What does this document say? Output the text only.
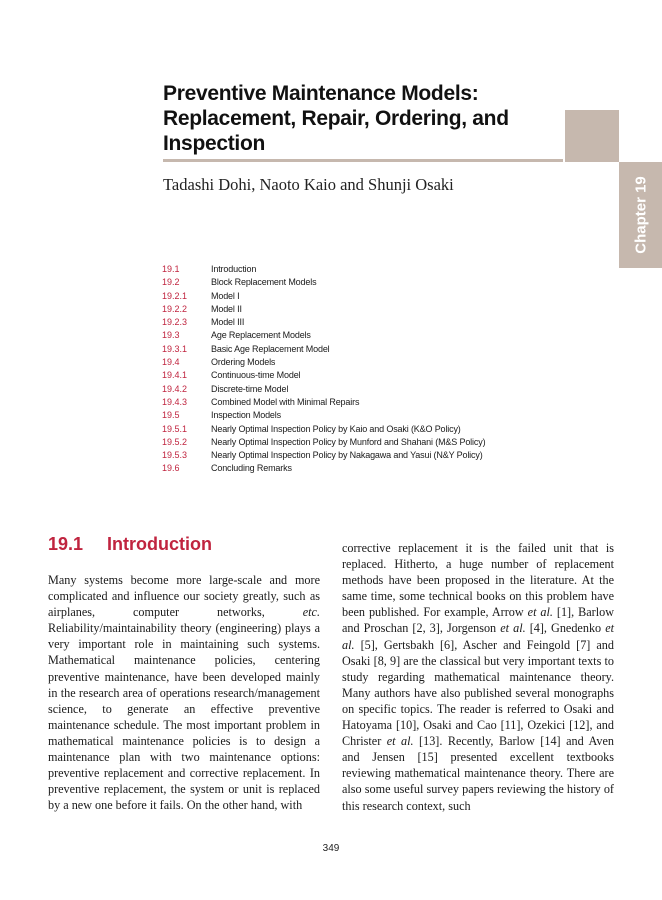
Preventive Maintenance Models:
Replacement, Repair, Ordering, and
Inspection
Chapter 19
Tadashi Dohi, Naoto Kaio and Shunji Osaki
19.1	Introduction
19.2	Block Replacement Models
19.2.1	Model I
19.2.2	Model II
19.2.3	Model III
19.3	Age Replacement Models
19.3.1	Basic Age Replacement Model
19.4	Ordering Models
19.4.1	Continuous-time Model
19.4.2	Discrete-time Model
19.4.3	Combined Model with Minimal Repairs
19.5	Inspection Models
19.5.1	Nearly Optimal Inspection Policy by Kaio and Osaki (K&O Policy)
19.5.2	Nearly Optimal Inspection Policy by Munford and Shahani (M&S Policy)
19.5.3	Nearly Optimal Inspection Policy by Nakagawa and Yasui (N&Y Policy)
19.6	Concluding Remarks
19.1 Introduction

Many systems become more large-scale and more complicated and influence our society greatly, such as airplanes, computer networks, etc. Reliability/maintainability theory (engineering) plays a very important role in maintaining such systems. Mathematical maintenance policies, centering preventive maintenance, have been developed mainly in the research area of operations research/management science, to generate an effective preventive maintenance schedule. The most important problem in mathematical maintenance policies is to design a maintenance plan with two maintenance options: preventive replacement and corrective replacement. In preventive replacement, the system or unit is replaced by a new one before it fails. On the other hand, with

corrective replacement it is the failed unit that is replaced. Hitherto, a huge number of replacement methods have been proposed in the literature. At the same time, some technical books on this problem have been published. For example, Arrow et al. [1], Barlow and Proschan [2, 3], Jorgenson et al. [4], Gnedenko et al. [5], Gertsbakh [6], Ascher and Feingold [7] and Osaki [8, 9] are the classical but very important texts to study regarding mathematical maintenance theory. Many authors have also published several monographs on specific topics. The reader is referred to Osaki and Hatoyama [10], Osaki and Cao [11], Ozekici [12], and Christer et al. [13]. Recently, Barlow [14] and Aven and Jensen [15] presented excellent textbooks reviewing mathematical maintenance theory. There are also some useful survey papers reviewing the history of this research context, such

349
